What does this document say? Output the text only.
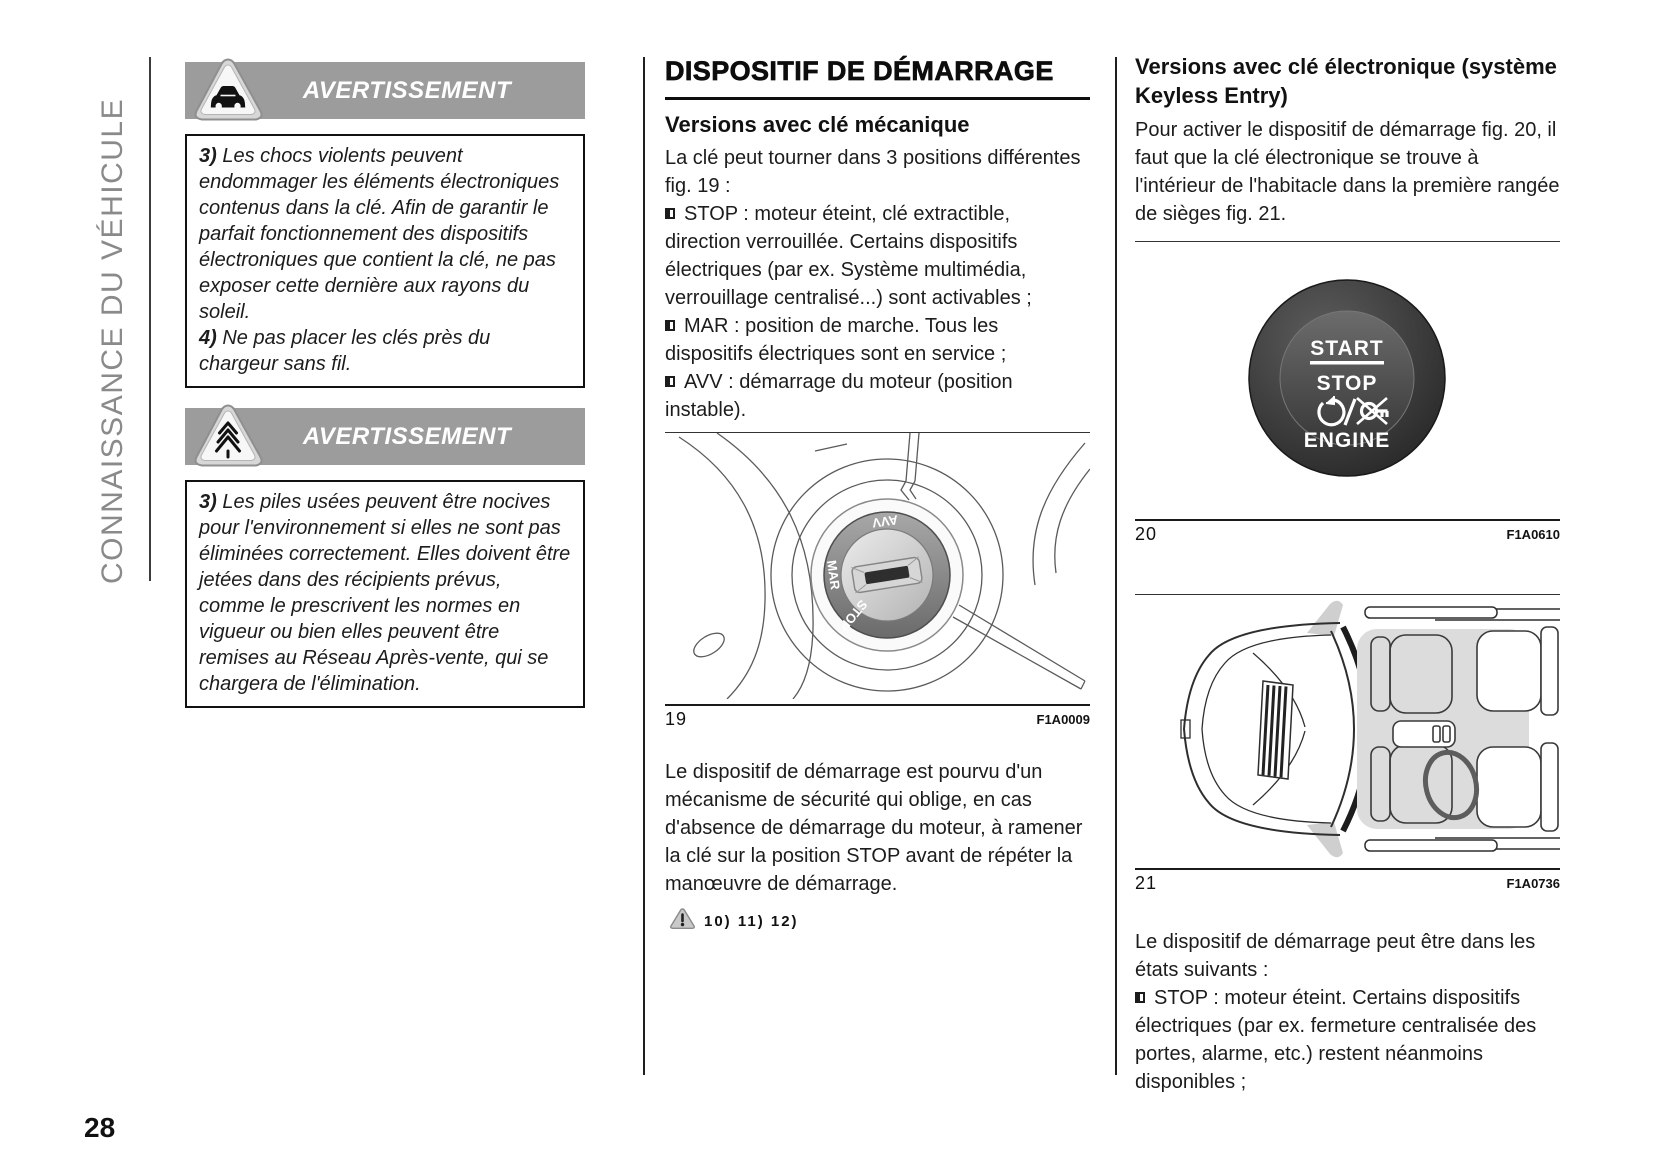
CONNAISSANCE DU VÉHICULE
28
AVERTISSEMENT

3) Les chocs violents peuvent endommager les éléments électroniques contenus dans la clé. Afin de garantir le parfait fonctionnement des dispositifs électroniques que contient la clé, ne pas exposer cette dernière aux rayons du soleil.

4) Ne pas placer les clés près du chargeur sans fil.

AVERTISSEMENT

3) Les piles usées peuvent être nocives pour l'environnement si elles ne sont pas éliminées correctement. Elles doivent être jetées dans des récipients prévus, comme le prescrivent les normes en vigueur ou bien elles peuvent être remises au Réseau Après-vente, qui se chargera de l'élimination.

DISPOSITIF DE DÉMARRAGE
Versions avec clé mécanique

La clé peut tourner dans 3 positions différentes fig. 19 :

STOP : moteur éteint, clé extractible, direction verrouillée. Certains dispositifs électriques (par ex. Système multimédia, verrouillage centralisé...) sont activables ;

MAR : position de marche. Tous les dispositifs électriques sont en service ;

AVV : démarrage du moteur (position instable).

AVV
MAR
STOP
19	F1A0009

Le dispositif de démarrage est pourvu d'un mécanisme de sécurité qui oblige, en cas d'absence de démarrage du moteur, à ramener la clé sur la position STOP avant de répéter la manœuvre de démarrage.

10) 11) 12)
Versions avec clé électronique (système Keyless Entry)

Pour activer le dispositif de démarrage fig. 20, il faut que la clé électronique se trouve à l'intérieur de l'habitacle dans la première rangée de sièges fig. 21.

START
STOP
ENGINE
20	F1A0610
21	F1A0736

Le dispositif de démarrage peut être dans les états suivants :

STOP : moteur éteint. Certains dispositifs électriques (par ex. fermeture centralisée des portes, alarme, etc.) restent néanmoins disponibles ;
